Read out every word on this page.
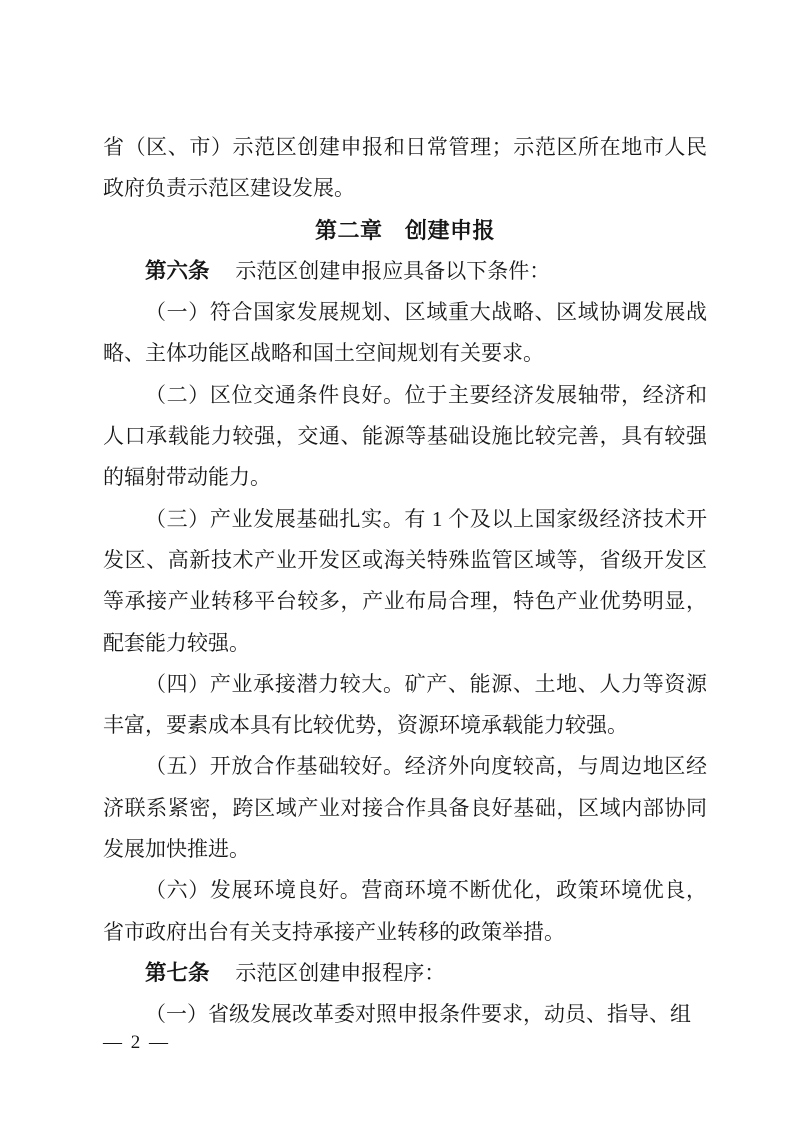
省（区、市）示范区创建申报和日常管理；示范区所在地市人民政府负责示范区建设发展。

第二章　创建申报

第六条 示范区创建申报应具备以下条件：

（一）符合国家发展规划、区域重大战略、区域协调发展战略、主体功能区战略和国土空间规划有关要求。

（二）区位交通条件良好。位于主要经济发展轴带，经济和人口承载能力较强，交通、能源等基础设施比较完善，具有较强的辐射带动能力。

（三）产业发展基础扎实。有 1 个及以上国家级经济技术开发区、高新技术产业开发区或海关特殊监管区域等，省级开发区等承接产业转移平台较多，产业布局合理，特色产业优势明显，配套能力较强。

（四）产业承接潜力较大。矿产、能源、土地、人力等资源丰富，要素成本具有比较优势，资源环境承载能力较强。

（五）开放合作基础较好。经济外向度较高，与周边地区经济联系紧密，跨区域产业对接合作具备良好基础，区域内部协同发展加快推进。

（六）发展环境良好。营商环境不断优化，政策环境优良，省市政府出台有关支持承接产业转移的政策举措。

第七条 示范区创建申报程序：

（一）省级发展改革委对照申报条件要求，动员、指导、组

— 2 —
